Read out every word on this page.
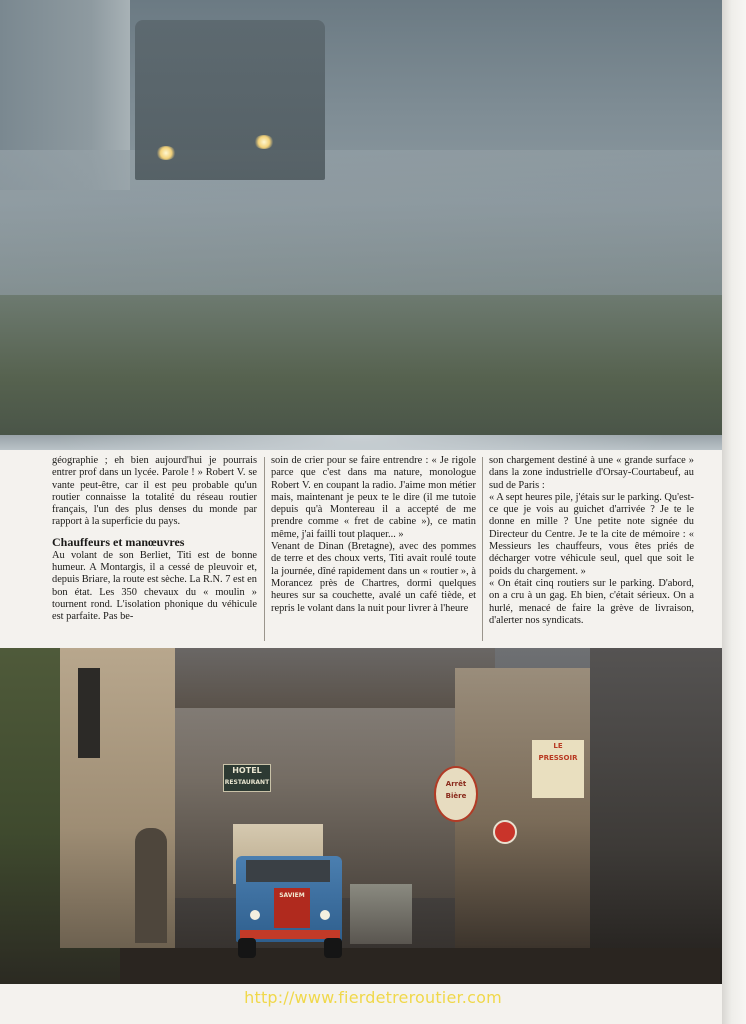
géographie ; eh bien aujourd'hui je pourrais entrer prof dans un lycée. Parole ! » Robert V. se vante peut-être, car il est peu probable qu'un routier connaisse la totalité du réseau routier français, l'un des plus denses du monde par rapport à la superficie du pays.

Chauffeurs et manœuvres

Au volant de son Berliet, Titi est de bonne humeur. A Montargis, il a cessé de pleuvoir et, depuis Briare, la route est sèche. La R.N. 7 est en bon état. Les 350 chevaux du « moulin » tournent rond. L'isolation phonique du véhicule est parfaite. Pas be-

soin de crier pour se faire entrendre : « Je rigole parce que c'est dans ma nature, monologue Robert V. en coupant la radio. J'aime mon métier mais, maintenant je peux te le dire (il me tutoie depuis qu'à Montereau il a accepté de me prendre comme « fret de cabine »), ce matin même, j'ai failli tout plaquer... »

Venant de Dinan (Bretagne), avec des pommes de terre et des choux verts, Titi avait roulé toute la journée, dîné rapidement dans un « routier », à Morancez près de Chartres, dormi quelques heures sur sa couchette, avalé un café tiède, et repris le volant dans la nuit pour livrer à l'heure

son chargement destiné à une « grande surface » dans la zone industrielle d'Orsay-Courtabeuf, au sud de Paris :

« A sept heures pile, j'étais sur le parking. Qu'est-ce que je vois au guichet d'arrivée ? Je te le donne en mille ? Une petite note signée du Directeur du Centre. Je te la cite de mémoire : « Messieurs les chauffeurs, vous êtes priés de décharger votre véhicule seul, quel que soit le poids du chargement. »

« On était cinq routiers sur le parking. D'abord, on a cru à un gag. Eh bien, c'était sérieux. On a hurlé, menacé de faire la grève de livraison, d'alerter nos syndicats.

HOTEL
RESTAURANT	Arrêt
Bière
LE
PRESSOIR
SAVIEM
http://www.fierdetreroutier.com
